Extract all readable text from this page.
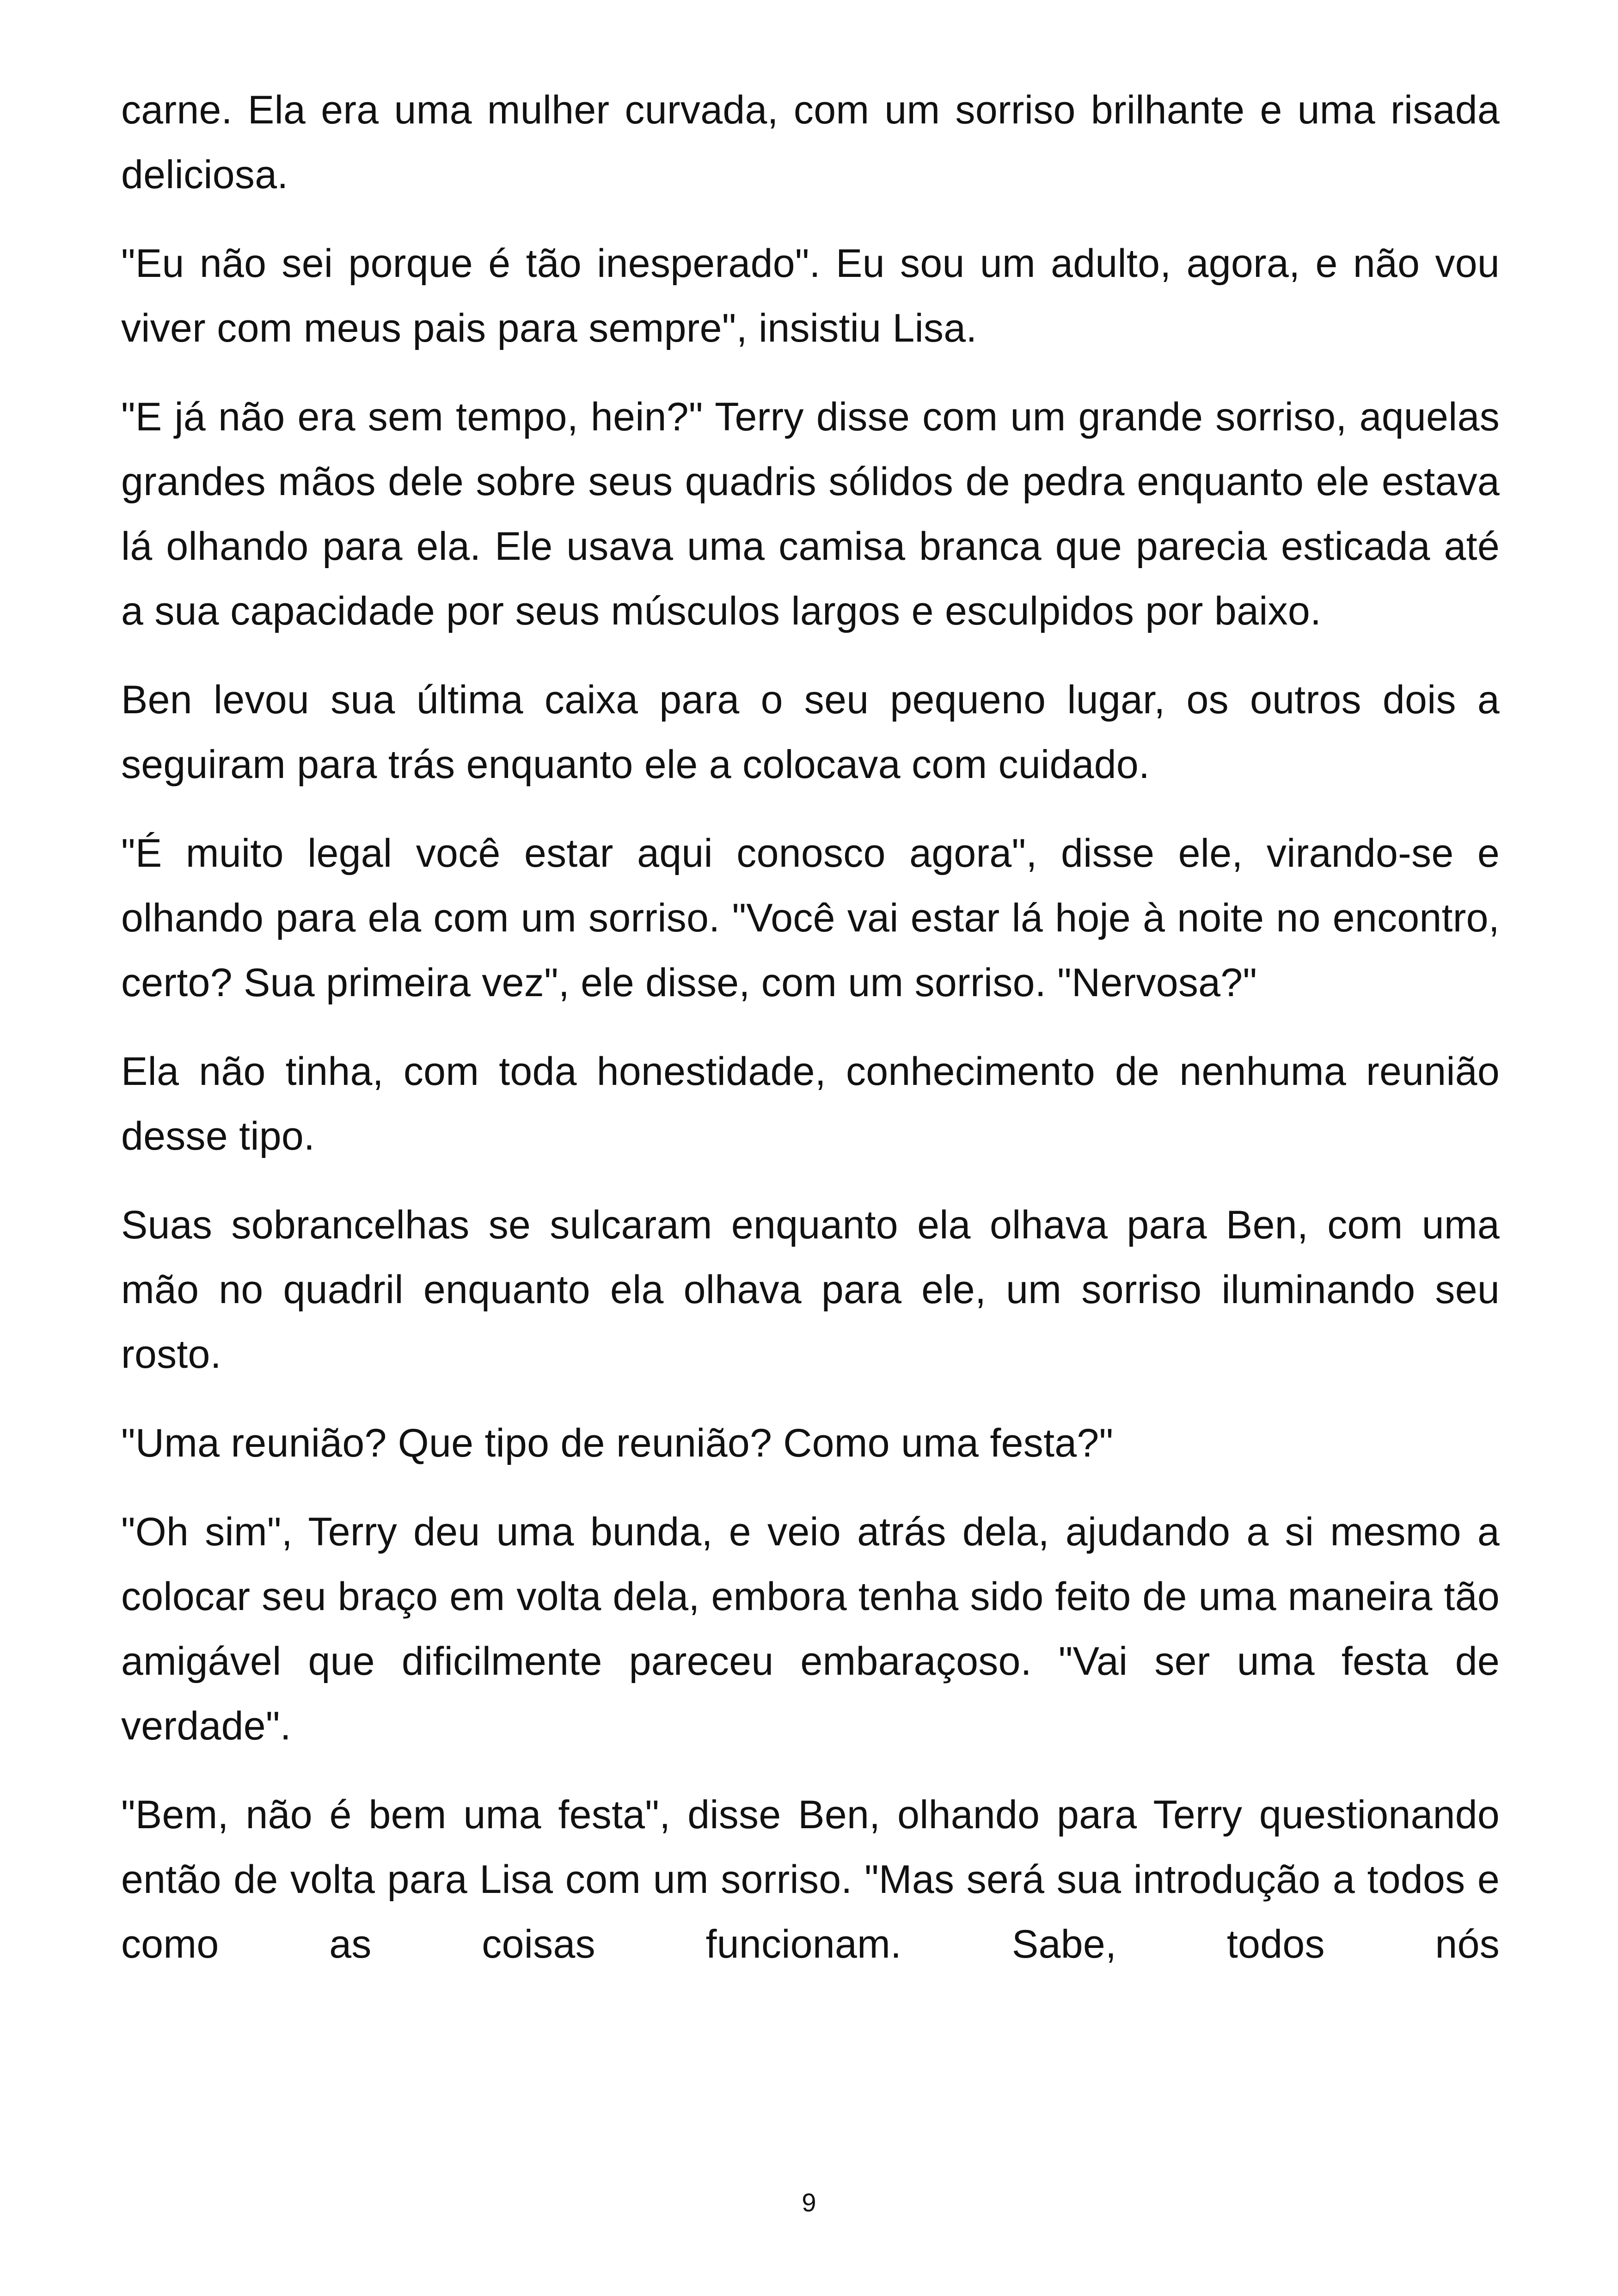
carne. Ela era uma mulher curvada, com um sorriso brilhante e uma risada deliciosa.

"Eu não sei porque é tão inesperado". Eu sou um adulto, agora, e não vou viver com meus pais para sempre", insistiu Lisa.

"E já não era sem tempo, hein?" Terry disse com um grande sorriso, aquelas grandes mãos dele sobre seus quadris sólidos de pedra enquanto ele estava lá olhando para ela. Ele usava uma camisa branca que parecia esticada até a sua capacidade por seus músculos largos e esculpidos por baixo.

Ben levou sua última caixa para o seu pequeno lugar, os outros dois a seguiram para trás enquanto ele a colocava com cuidado.

"É muito legal você estar aqui conosco agora", disse ele, virando-se e olhando para ela com um sorriso. "Você vai estar lá hoje à noite no encontro, certo? Sua primeira vez", ele disse, com um sorriso. "Nervosa?"

Ela não tinha, com toda honestidade, conhecimento de nenhuma reunião desse tipo.

Suas sobrancelhas se sulcaram enquanto ela olhava para Ben, com uma mão no quadril enquanto ela olhava para ele, um sorriso iluminando seu rosto.

"Uma reunião? Que tipo de reunião? Como uma festa?"

"Oh sim", Terry deu uma bunda, e veio atrás dela, ajudando a si mesmo a colocar seu braço em volta dela, embora tenha sido feito de uma maneira tão amigável que dificilmente pareceu embaraçoso. "Vai ser uma festa de verdade".

"Bem, não é bem uma festa", disse Ben, olhando para Terry questionando então de volta para Lisa com um sorriso. "Mas será sua introdução a todos e como as coisas funcionam. Sabe, todos nós

9
